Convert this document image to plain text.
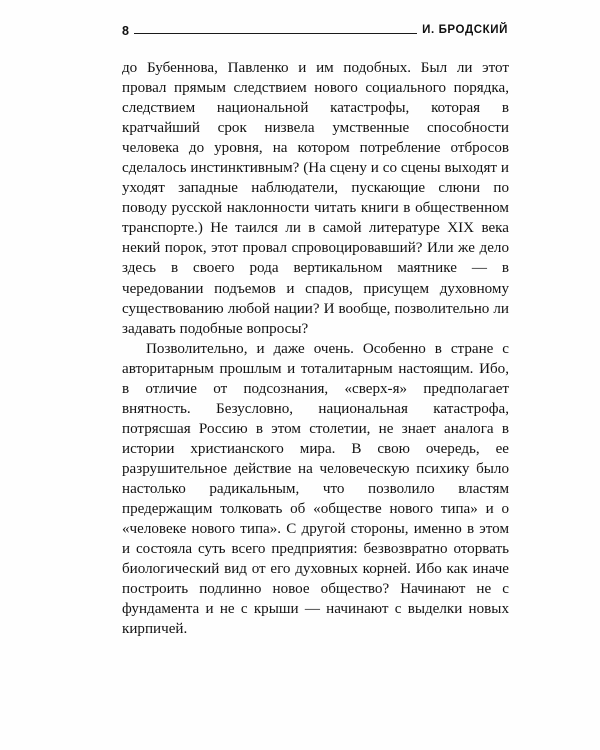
8	И. БРОДСКИЙ

до Бубеннова, Павленко и им подобных. Был ли этот провал прямым следствием нового социального порядка, следствием национальной катастрофы, которая в кратчайший срок низвела умственные способности человека до уровня, на котором потребление отбросов сделалось инстинктивным? (На сцену и со сцены выходят и уходят западные наблюдатели, пускающие слюни по поводу русской наклонности читать книги в общественном транспорте.) Не таился ли в самой литературе XIX века некий порок, этот провал спровоцировавший? Или же дело здесь в своего рода вертикальном маятнике — в чередовании подъемов и спадов, присущем духовному существованию любой нации? И вообще, позволительно ли задавать подобные вопросы?

Позволительно, и даже очень. Особенно в стране с авторитарным прошлым и тоталитарным настоящим. Ибо, в отличие от подсознания, «сверх-я» предполагает внятность. Безусловно, национальная катастрофа, потрясшая Россию в этом столетии, не знает аналога в истории христианского мира. В свою очередь, ее разрушительное действие на человеческую психику было настолько радикальным, что позволило властям предержащим толковать об «обществе нового типа» и о «человеке нового типа». С другой стороны, именно в этом и состояла суть всего предприятия: безвозвратно оторвать биологический вид от его духовных корней. Ибо как иначе построить подлинно новое общество? Начинают не с фундамента и не с крыши — начинают с выделки новых кирпичей.
